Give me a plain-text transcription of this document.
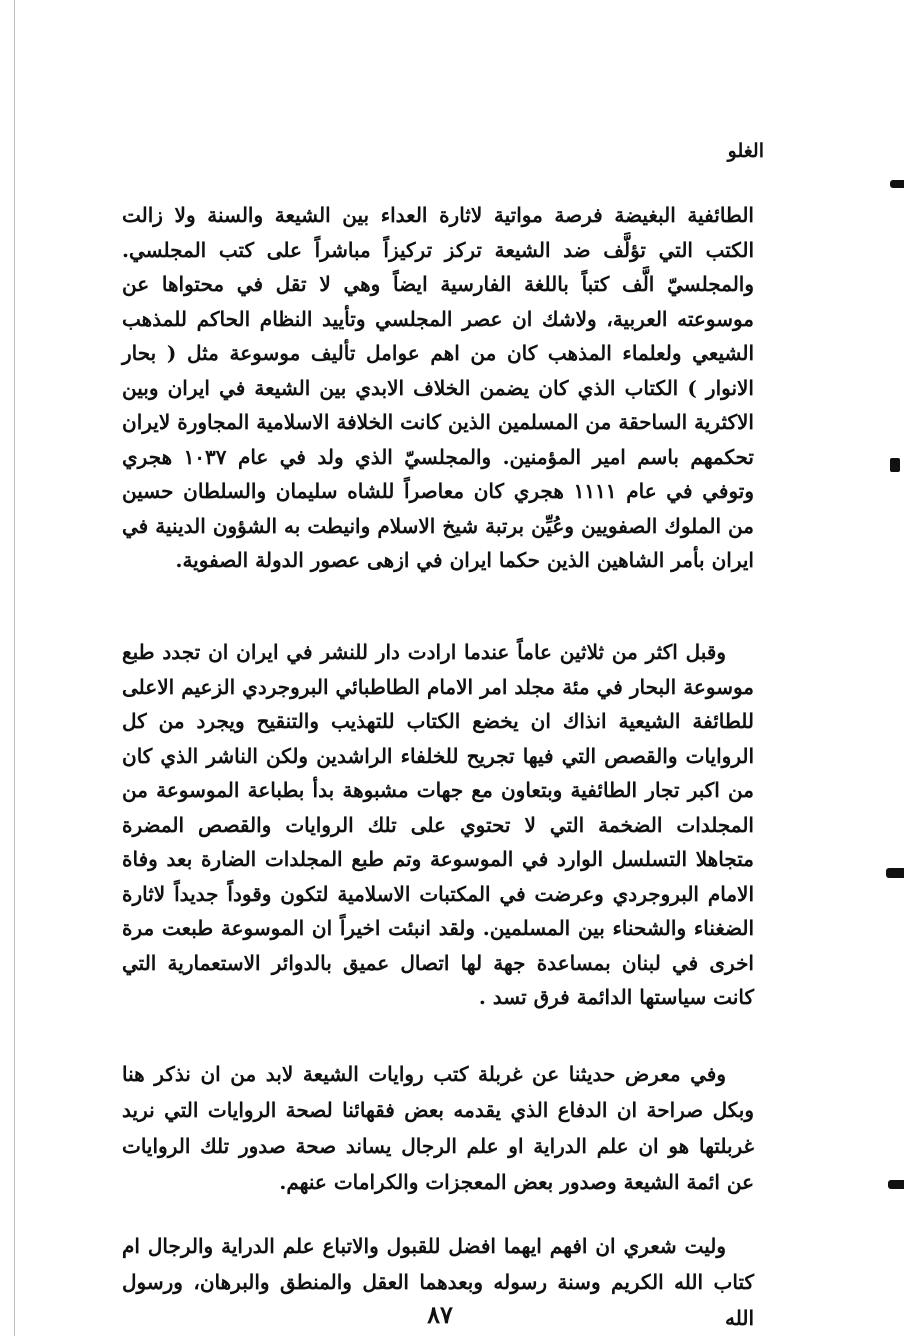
الغلو

الطائفية البغيضة فرصة مواتية لاثارة العداء بين الشيعة والسنة ولا زالت الكتب التي تؤلَّف ضد الشيعة تركز تركيزاً مباشراً على كتب المجلسي. والمجلسيّ الَّف كتباً باللغة الفارسية ايضاً وهي لا تقل في محتواها عن موسوعته العربية، ولاشك ان عصر المجلسي وتأييد النظام الحاكم للمذهب الشيعي ولعلماء المذهب كان من اهم عوامل تأليف موسوعة مثل ( بحار الانوار ) الكتاب الذي كان يضمن الخلاف الابدي بين الشيعة في ايران وبين الاكثرية الساحقة من المسلمين الذين كانت الخلافة الاسلامية المجاورة لايران تحكمهم باسم امير المؤمنين. والمجلسيّ الذي ولد في عام ١٠٣٧ هجري وتوفي في عام ١١١١ هجري كان معاصراً للشاه سليمان والسلطان حسين من الملوك الصفويين وعُيِّن برتبة شيخ الاسلام وانيطت به الشؤون الدينية في ايران بأمر الشاهين الذين حكما ايران في ازهى عصور الدولة الصفوية.

وقبل اكثر من ثلاثين عاماً عندما ارادت دار للنشر في ايران ان تجدد طبع موسوعة البحار في مئة مجلد امر الامام الطاطبائي البروجردي الزعيم الاعلى للطائفة الشيعية انذاك ان يخضع الكتاب للتهذيب والتنقيح ويجرد من كل الروايات والقصص التي فيها تجريح للخلفاء الراشدين ولكن الناشر الذي كان من اكبر تجار الطائفية وبتعاون مع جهات مشبوهة بدأ بطباعة الموسوعة من المجلدات الضخمة التي لا تحتوي على تلك الروايات والقصص المضرة متجاهلا التسلسل الوارد في الموسوعة وتم طبع المجلدات الضارة بعد وفاة الامام البروجردي وعرضت في المكتبات الاسلامية لتكون وقوداً جديداً لاثارة الضغناء والشحناء بين المسلمين. ولقد انبئت اخيراً ان الموسوعة طبعت مرة اخرى في لبنان بمساعدة جهة لها اتصال عميق بالدوائر الاستعمارية التي كانت سياستها الدائمة فرق تسد .

وفي معرض حديثنا عن غربلة كتب روايات الشيعة لابد من ان نذكر هنا وبكل صراحة ان الدفاع الذي يقدمه بعض فقهائنا لصحة الروايات التي نريد غربلتها هو ان علم الدراية او علم الرجال يساند صحة صدور تلك الروايات عن ائمة الشيعة وصدور بعض المعجزات والكرامات عنهم.

وليت شعري ان افهم ايهما افضل للقبول والاتباع علم الدراية والرجال ام كتاب الله الكريم وسنة رسوله وبعدهما العقل والمنطق والبرهان، ورسول الله

٨٧
